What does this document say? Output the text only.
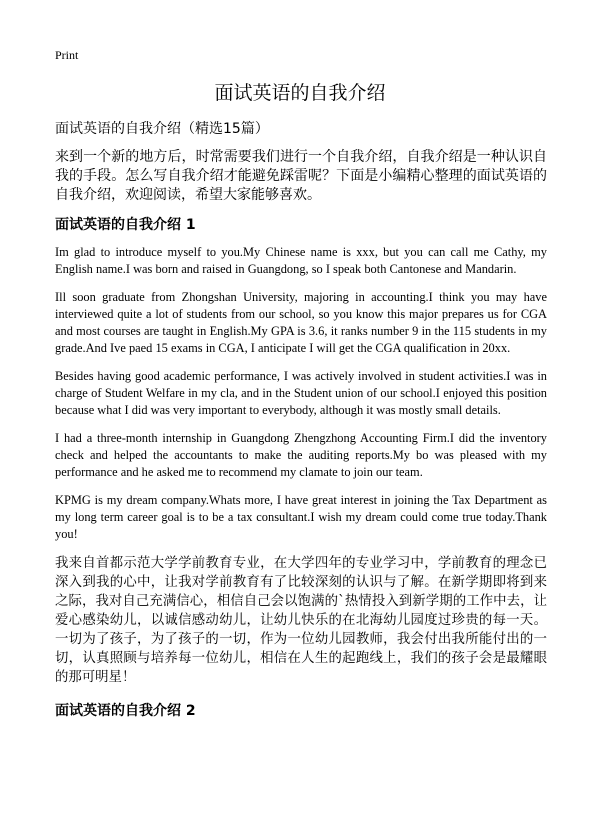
Print
面试英语的自我介绍

面试英语的自我介绍（精选15篇）

来到一个新的地方后，时常需要我们进行一个自我介绍，自我介绍是一种认识自我的手段。怎么写自我介绍才能避免踩雷呢？下面是小编精心整理的面试英语的自我介绍，欢迎阅读，希望大家能够喜欢。

面试英语的自我介绍 1

Im glad to introduce myself to you.My Chinese name is xxx, but you can call me Cathy, my English name.I was born and raised in Guangdong, so I speak both Cantonese and Mandarin.

Ill soon graduate from Zhongshan University, majoring in accounting.I think you may have interviewed quite a lot of students from our school, so you know this major prepares us for CGA and most courses are taught in English.My GPA is 3.6, it ranks number 9 in the 115 students in my grade.And Ive paed 15 exams in CGA, I anticipate I will get the CGA qualification in 20xx.

Besides having good academic performance, I was actively involved in student activities.I was in charge of Student Welfare in my cla, and in the Student union of our school.I enjoyed this position because what I did was very important to everybody, although it was mostly small details.

I had a three-month internship in Guangdong Zhengzhong Accounting Firm.I did the inventory check and helped the accountants to make the auditing reports.My bo was pleased with my performance and he asked me to recommend my clamate to join our team.

KPMG is my dream company.Whats more, I have great interest in joining the Tax Department as my long term career goal is to be a tax consultant.I wish my dream could come true today.Thank you!

我来自首都示范大学学前教育专业，在大学四年的专业学习中，学前教育的理念已深入到我的心中，让我对学前教育有了比较深刻的认识与了解。在新学期即将到来之际，我对自己充满信心，相信自己会以饱满的`热情投入到新学期的工作中去，让爱心感染幼儿，以诚信感动幼儿，让幼儿快乐的在北海幼儿园度过珍贵的每一天。一切为了孩子，为了孩子的一切，作为一位幼儿园教师，我会付出我所能付出的一切，认真照顾与培养每一位幼儿，相信在人生的起跑线上，我们的孩子会是最耀眼的那可明星！

面试英语的自我介绍 2
